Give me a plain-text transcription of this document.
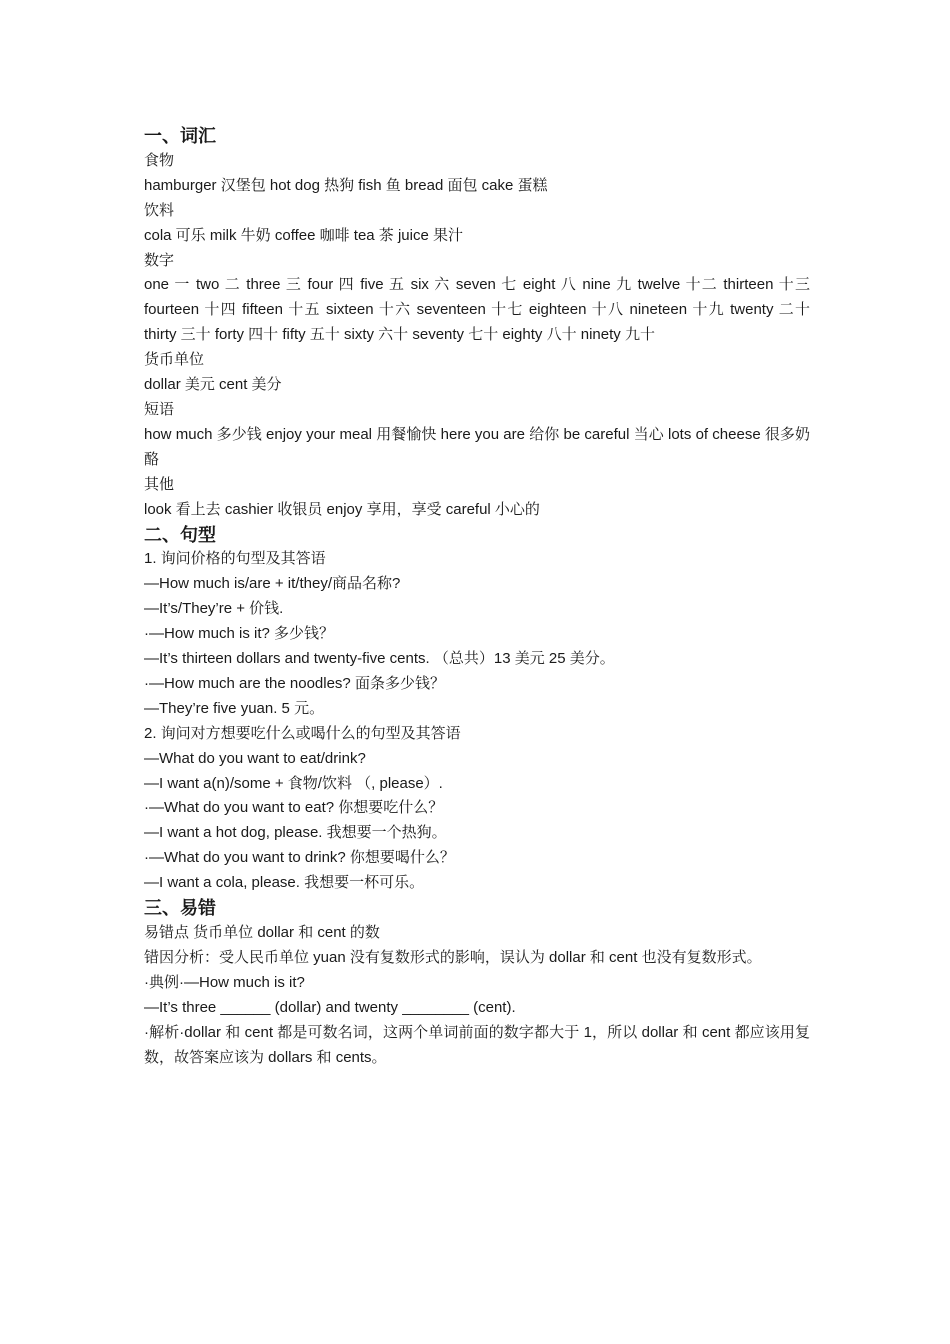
一、词汇
食物
hamburger 汉堡包 hot dog 热狗 fish 鱼 bread 面包 cake 蛋糕
饮料
cola 可乐 milk 牛奶 coffee 咖啡 tea 茶 juice 果汁
数字
one 一 two 二 three 三 four 四 five 五 six 六 seven 七 eight 八 nine 九 twelve 十二 thirteen 十三 fourteen 十四 fifteen 十五 sixteen 十六 seventeen 十七 eighteen 十八 nineteen 十九 twenty 二十 thirty 三十 forty 四十 fifty 五十 sixty 六十 seventy 七十 eighty 八十 ninety 九十
货币单位
dollar 美元 cent 美分
短语
how much 多少钱 enjoy your meal 用餐愉快 here you are 给你 be careful 当心 lots of cheese 很多奶酪
其他
look 看上去 cashier 收银员 enjoy 享用，享受 careful 小心的
二、句型
1. 询问价格的句型及其答语
—How much is/are + it/they/商品名称?
—It’s/They’re + 价钱.
·—How much is it? 多少钱？
—It’s thirteen dollars and twenty-five cents. （总共）13 美元 25 美分。
·—How much are the noodles? 面条多少钱？
—They’re five yuan. 5 元。
2. 询问对方想要吃什么或喝什么的句型及其答语
—What do you want to eat/drink?
—I want a(n)/some + 食物/饮料 （, please）.
·—What do you want to eat? 你想要吃什么？
—I want a hot dog, please. 我想要一个热狗。
·—What do you want to drink? 你想要喝什么？
—I want a cola, please. 我想要一杯可乐。
三、易错
易错点 货币单位 dollar 和 cent 的数
错因分析：受人民币单位 yuan 没有复数形式的影响，误认为 dollar 和 cent 也没有复数形式。
·典例·—How much is it?
—It’s three ______ (dollar) and twenty ________ (cent).
·解析·dollar 和 cent 都是可数名词，这两个单词前面的数字都大于 1，所以 dollar 和 cent 都应该用复数，故答案应该为 dollars 和 cents。
